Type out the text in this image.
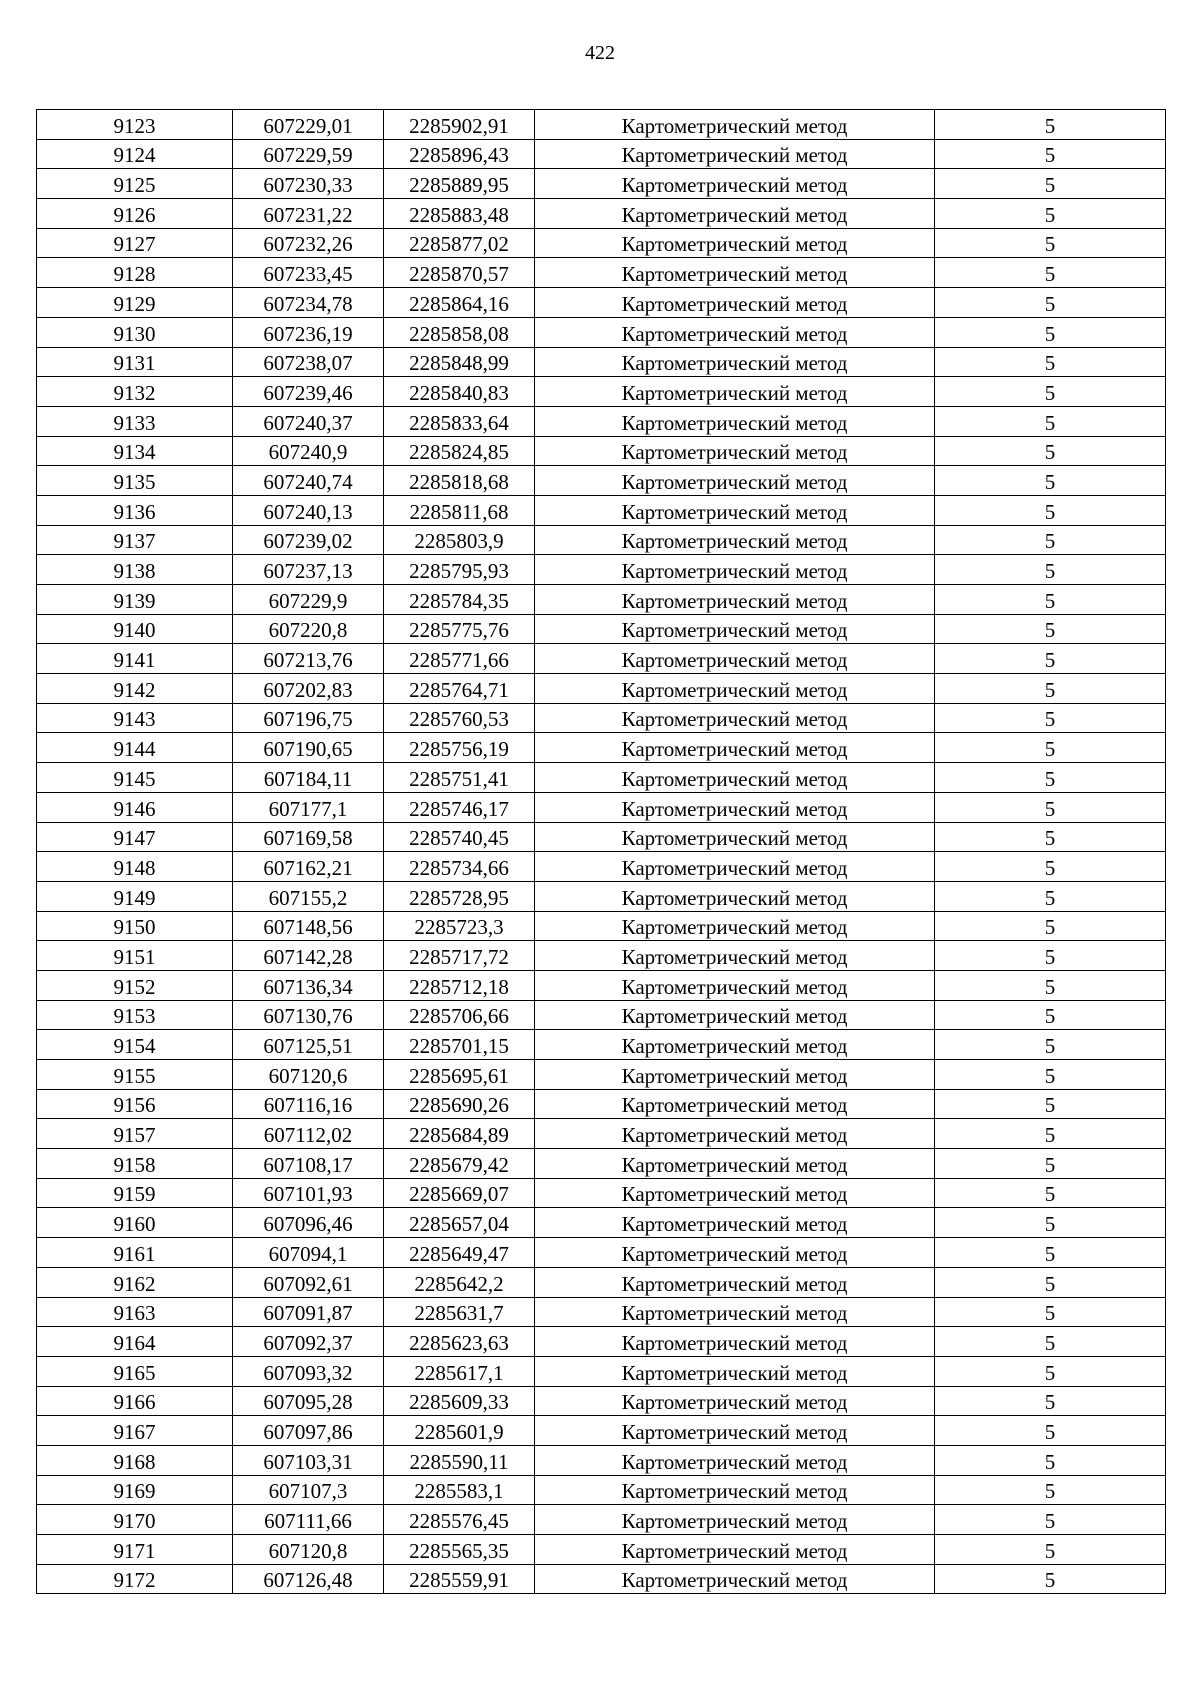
422
9123	607229,01	2285902,91	Картометрический метод	5
9124	607229,59	2285896,43	Картометрический метод	5
9125	607230,33	2285889,95	Картометрический метод	5
9126	607231,22	2285883,48	Картометрический метод	5
9127	607232,26	2285877,02	Картометрический метод	5
9128	607233,45	2285870,57	Картометрический метод	5
9129	607234,78	2285864,16	Картометрический метод	5
9130	607236,19	2285858,08	Картометрический метод	5
9131	607238,07	2285848,99	Картометрический метод	5
9132	607239,46	2285840,83	Картометрический метод	5
9133	607240,37	2285833,64	Картометрический метод	5
9134	607240,9	2285824,85	Картометрический метод	5
9135	607240,74	2285818,68	Картометрический метод	5
9136	607240,13	2285811,68	Картометрический метод	5
9137	607239,02	2285803,9	Картометрический метод	5
9138	607237,13	2285795,93	Картометрический метод	5
9139	607229,9	2285784,35	Картометрический метод	5
9140	607220,8	2285775,76	Картометрический метод	5
9141	607213,76	2285771,66	Картометрический метод	5
9142	607202,83	2285764,71	Картометрический метод	5
9143	607196,75	2285760,53	Картометрический метод	5
9144	607190,65	2285756,19	Картометрический метод	5
9145	607184,11	2285751,41	Картометрический метод	5
9146	607177,1	2285746,17	Картометрический метод	5
9147	607169,58	2285740,45	Картометрический метод	5
9148	607162,21	2285734,66	Картометрический метод	5
9149	607155,2	2285728,95	Картометрический метод	5
9150	607148,56	2285723,3	Картометрический метод	5
9151	607142,28	2285717,72	Картометрический метод	5
9152	607136,34	2285712,18	Картометрический метод	5
9153	607130,76	2285706,66	Картометрический метод	5
9154	607125,51	2285701,15	Картометрический метод	5
9155	607120,6	2285695,61	Картометрический метод	5
9156	607116,16	2285690,26	Картометрический метод	5
9157	607112,02	2285684,89	Картометрический метод	5
9158	607108,17	2285679,42	Картометрический метод	5
9159	607101,93	2285669,07	Картометрический метод	5
9160	607096,46	2285657,04	Картометрический метод	5
9161	607094,1	2285649,47	Картометрический метод	5
9162	607092,61	2285642,2	Картометрический метод	5
9163	607091,87	2285631,7	Картометрический метод	5
9164	607092,37	2285623,63	Картометрический метод	5
9165	607093,32	2285617,1	Картометрический метод	5
9166	607095,28	2285609,33	Картометрический метод	5
9167	607097,86	2285601,9	Картометрический метод	5
9168	607103,31	2285590,11	Картометрический метод	5
9169	607107,3	2285583,1	Картометрический метод	5
9170	607111,66	2285576,45	Картометрический метод	5
9171	607120,8	2285565,35	Картометрический метод	5
9172	607126,48	2285559,91	Картометрический метод	5
